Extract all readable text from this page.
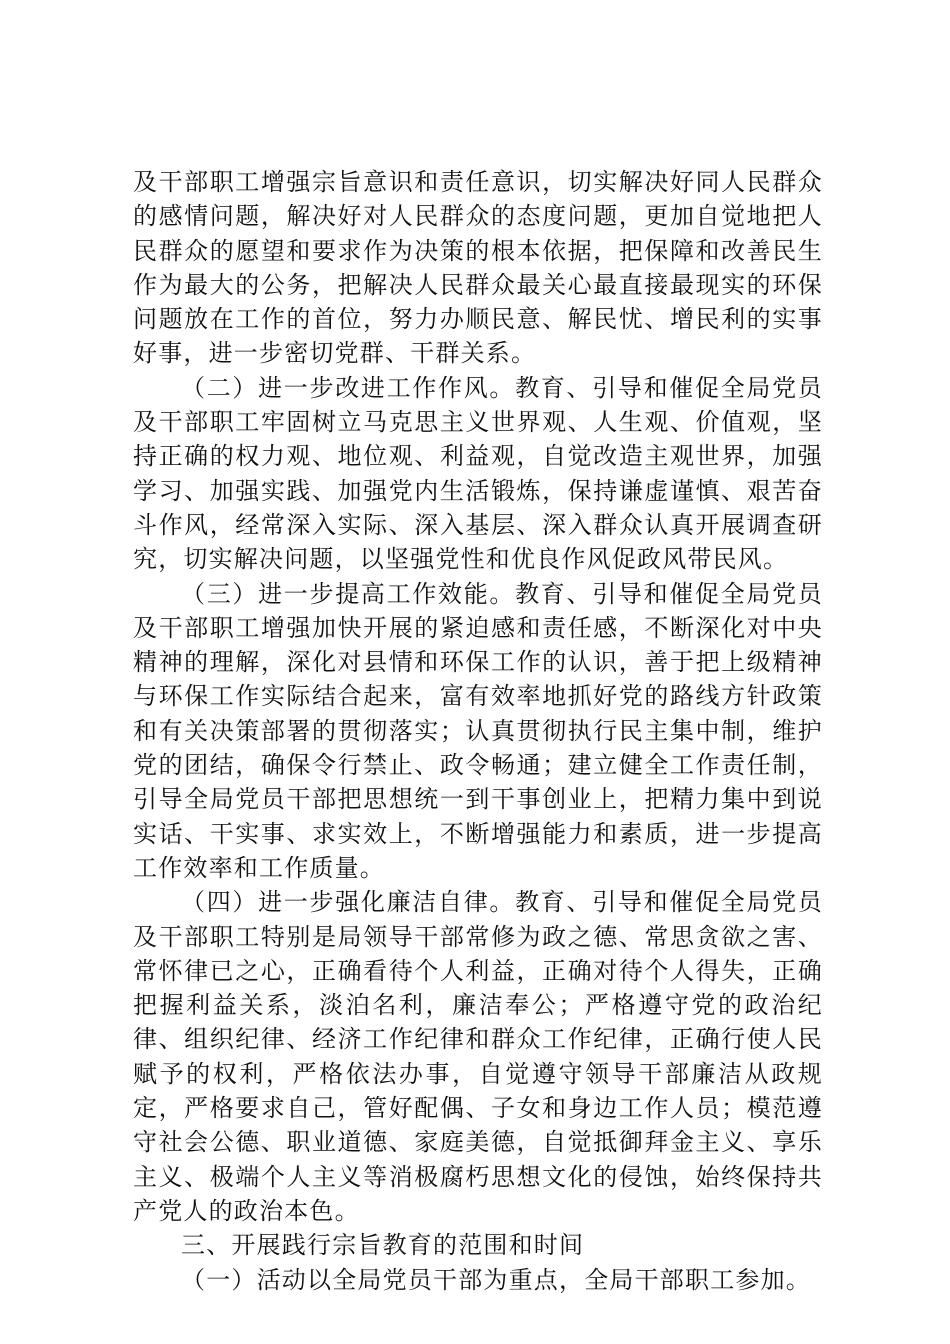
及干部职工增强宗旨意识和责任意识，切实解决好同人民群众的感情问题，解决好对人民群众的态度问题，更加自觉地把人民群众的愿望和要求作为决策的根本依据，把保障和改善民生作为最大的公务，把解决人民群众最关心最直接最现实的环保问题放在工作的首位，努力办顺民意、解民忧、增民利的实事好事，进一步密切党群、干群关系。

（二）进一步改进工作作风。教育、引导和催促全局党员及干部职工牢固树立马克思主义世界观、人生观、价值观，坚持正确的权力观、地位观、利益观，自觉改造主观世界，加强学习、加强实践、加强党内生活锻炼，保持谦虚谨慎、艰苦奋斗作风，经常深入实际、深入基层、深入群众认真开展调查研究，切实解决问题，以坚强党性和优良作风促政风带民风。

（三）进一步提高工作效能。教育、引导和催促全局党员及干部职工增强加快开展的紧迫感和责任感，不断深化对中央精神的理解，深化对县情和环保工作的认识，善于把上级精神与环保工作实际结合起来，富有效率地抓好党的路线方针政策和有关决策部署的贯彻落实；认真贯彻执行民主集中制，维护党的团结，确保令行禁止、政令畅通；建立健全工作责任制，引导全局党员干部把思想统一到干事创业上，把精力集中到说实话、干实事、求实效上，不断增强能力和素质，进一步提高工作效率和工作质量。

（四）进一步强化廉洁自律。教育、引导和催促全局党员及干部职工特别是局领导干部常修为政之德、常思贪欲之害、常怀律已之心，正确看待个人利益，正确对待个人得失，正确把握利益关系，淡泊名利，廉洁奉公；严格遵守党的政治纪律、组织纪律、经济工作纪律和群众工作纪律，正确行使人民赋予的权利，严格依法办事，自觉遵守领导干部廉洁从政规定，严格要求自己，管好配偶、子女和身边工作人员；模范遵守社会公德、职业道德、家庭美德，自觉抵御拜金主义、享乐主义、极端个人主义等消极腐朽思想文化的侵蚀，始终保持共产党人的政治本色。

三、开展践行宗旨教育的范围和时间

（一）活动以全局党员干部为重点，全局干部职工参加。
